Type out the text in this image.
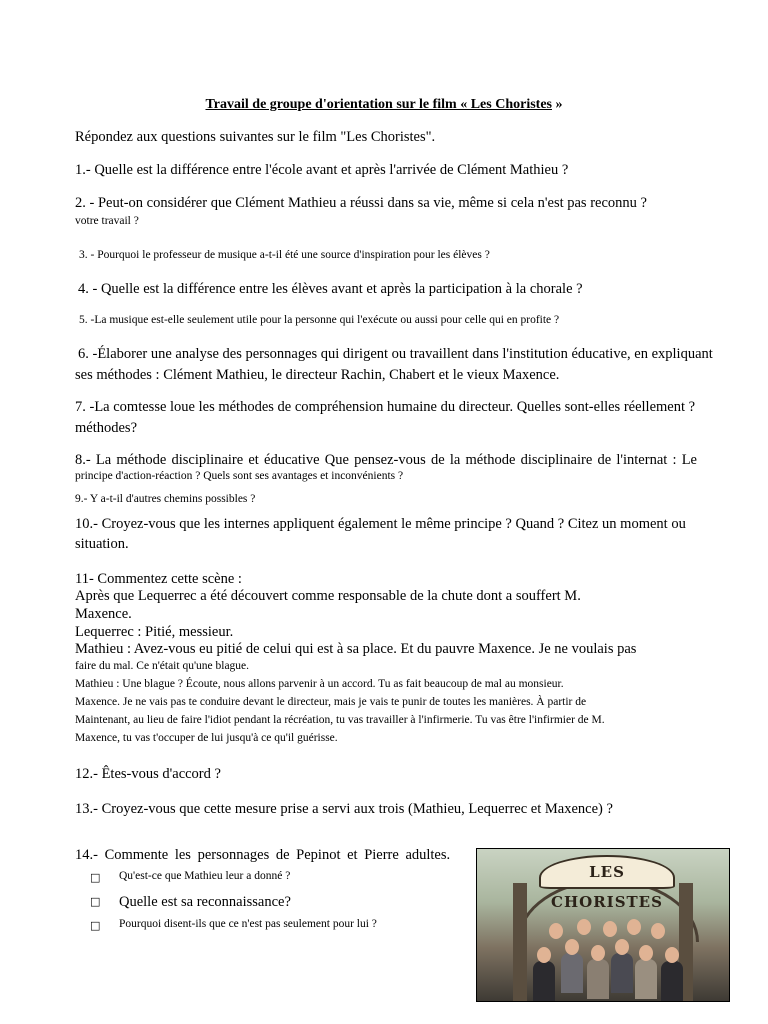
Travail de groupe d'orientation sur le film « Les Choristes »
Répondez aux questions suivantes sur le film "Les Choristes".
1.- Quelle est la différence entre l'école avant et après l'arrivée de Clément Mathieu ?
2. - Peut-on considérer que Clément Mathieu a réussi dans sa vie, même si cela n'est pas reconnu ?
votre travail ?
3. - Pourquoi le professeur de musique a-t-il été une source d'inspiration pour les élèves ?
4. - Quelle est la différence entre les élèves avant et après la participation à la chorale ?
5. -La musique est-elle seulement utile pour la personne qui l'exécute ou aussi pour celle qui en profite ?
6. -Élaborer une analyse des personnages qui dirigent ou travaillent dans l'institution éducative, en expliquant
ses méthodes : Clément Mathieu, le directeur Rachin, Chabert et le vieux Maxence.
7. -La comtesse loue les méthodes de compréhension humaine du directeur. Quelles sont-elles réellement ?
méthodes?
8.- La méthode disciplinaire et éducative Que pensez-vous de la méthode disciplinaire de l'internat : Le
principe d'action-réaction ? Quels sont ses avantages et inconvénients ?
9.- Y a-t-il d'autres chemins possibles ?
10.- Croyez-vous que les internes appliquent également le même principe ? Quand ? Citez un moment ou
situation.
11- Commentez cette scène :
Après que Lequerrec a été découvert comme responsable de la chute dont a souffert M.
Maxence.
Lequerrec : Pitié, messieur.
Mathieu : Avez-vous eu pitié de celui qui est à sa place. Et du pauvre Maxence. Je ne voulais pas
faire du mal. Ce n'était qu'une blague.
Mathieu : Une blague ? Écoute, nous allons parvenir à un accord. Tu as fait beaucoup de mal au monsieur.
Maxence. Je ne vais pas te conduire devant le directeur, mais je vais te punir de toutes les manières. À partir de
Maintenant, au lieu de faire l'idiot pendant la récréation, tu vas travailler à l'infirmerie. Tu vas être l'infirmier de M.
Maxence, tu vas t'occuper de lui jusqu'à ce qu'il guérisse.
12.- Êtes-vous d'accord ?
13.- Croyez-vous que cette mesure prise a servi aux trois (Mathieu, Lequerrec et Maxence) ?
14.- Commente les personnages de Pepinot et Pierre adultes.
□ Qu'est-ce que Mathieu leur a donné ?
□ Quelle est sa reconnaissance?
□ Pourquoi disent-ils que ce n'est pas seulement pour lui ?
LES CHORISTES
